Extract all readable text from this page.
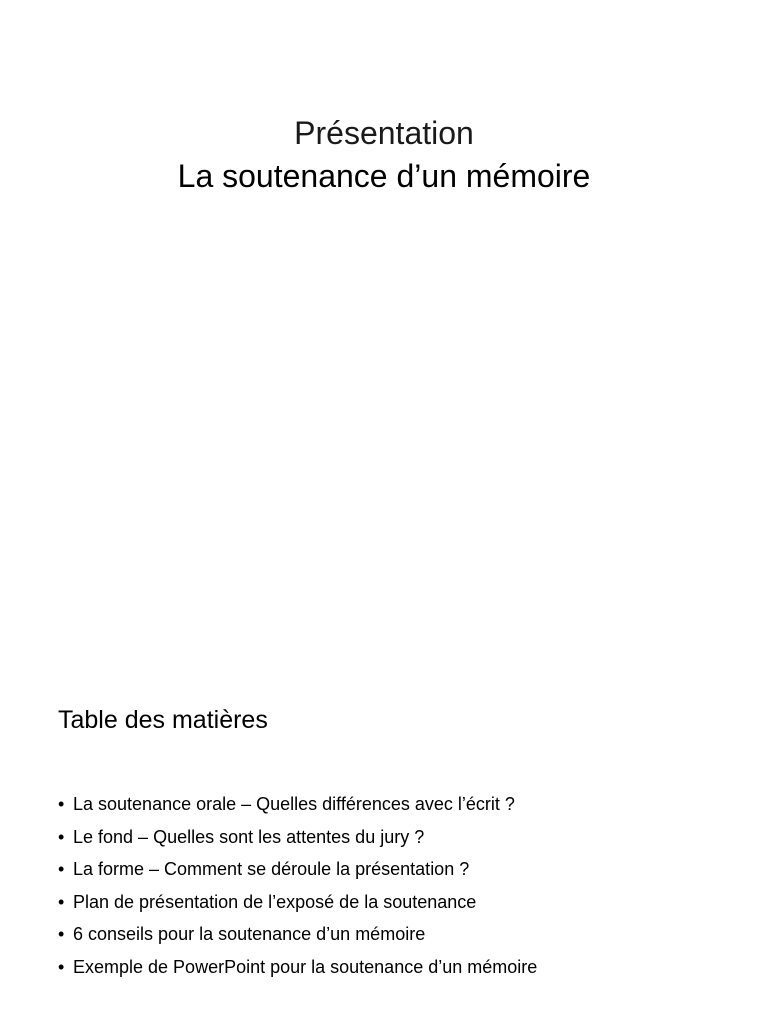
Présentation
La soutenance d’un mémoire
Table des matières
• La soutenance orale – Quelles différences avec l’écrit ?
• Le fond – Quelles sont les attentes du jury ?
• La forme – Comment se déroule la présentation ?
• Plan de présentation de l’exposé de la soutenance
• 6 conseils pour la soutenance d’un mémoire
• Exemple de PowerPoint pour la soutenance d’un mémoire
